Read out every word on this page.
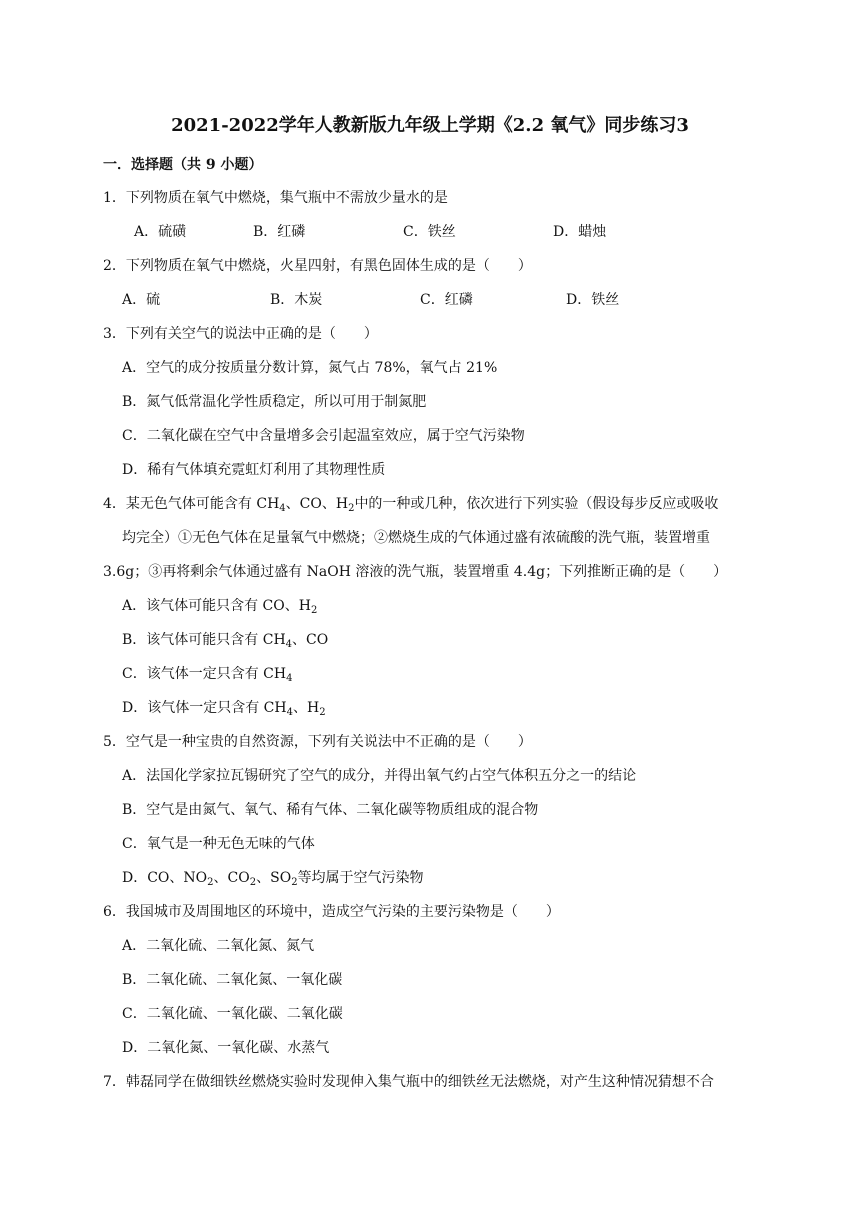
2021-2022学年人教新版九年级上学期《2.2 氧气》同步练习3
一．选择题（共 9 小题）
1．下列物质在氧气中燃烧，集气瓶中不需放少量水的是
A．硫磺	B．红磷	C．铁丝	D．蜡烛
2．下列物质在氧气中燃烧，火星四射，有黑色固体生成的是（　　）
A．硫	B．木炭	C．红磷	D．铁丝
3．下列有关空气的说法中正确的是（　　）
A．空气的成分按质量分数计算，氮气占 78%，氧气占 21%
B．氮气低常温化学性质稳定，所以可用于制氮肥
C．二氧化碳在空气中含量增多会引起温室效应，属于空气污染物
D．稀有气体填充霓虹灯利用了其物理性质
4．某无色气体可能含有 $CH_4$、CO、$H_2$中的一种或几种，依次进行下列实验（假设每步反应或吸收
均完全）①无色气体在足量氧气中燃烧；②燃烧生成的气体通过盛有浓硫酸的洗气瓶，装置增重
3.6g；③再将剩余气体通过盛有 NaOH 溶液的洗气瓶，装置增重 4.4g；下列推断正确的是（　　）
A．该气体可能只含有 CO、$H_2$
B．该气体可能只含有 $CH_4$、CO
C．该气体一定只含有 $CH_4$
D．该气体一定只含有 $CH_4$、$H_2$
5．空气是一种宝贵的自然资源，下列有关说法中不正确的是（　　）
A．法国化学家拉瓦锡研究了空气的成分，并得出氧气约占空气体积五分之一的结论
B．空气是由氮气、氧气、稀有气体、二氧化碳等物质组成的混合物
C．氧气是一种无色无味的气体
D．CO、$NO_2$、$CO_2$、$SO_2$等均属于空气污染物
6．我国城市及周围地区的环境中，造成空气污染的主要污染物是（　　）
A．二氧化硫、二氧化氮、氮气
B．二氧化硫、二氧化氮、一氧化碳
C．二氧化硫、一氧化碳、二氧化碳
D．二氧化氮、一氧化碳、水蒸气
7．韩磊同学在做细铁丝燃烧实验时发现伸入集气瓶中的细铁丝无法燃烧，对产生这种情况猜想不合
